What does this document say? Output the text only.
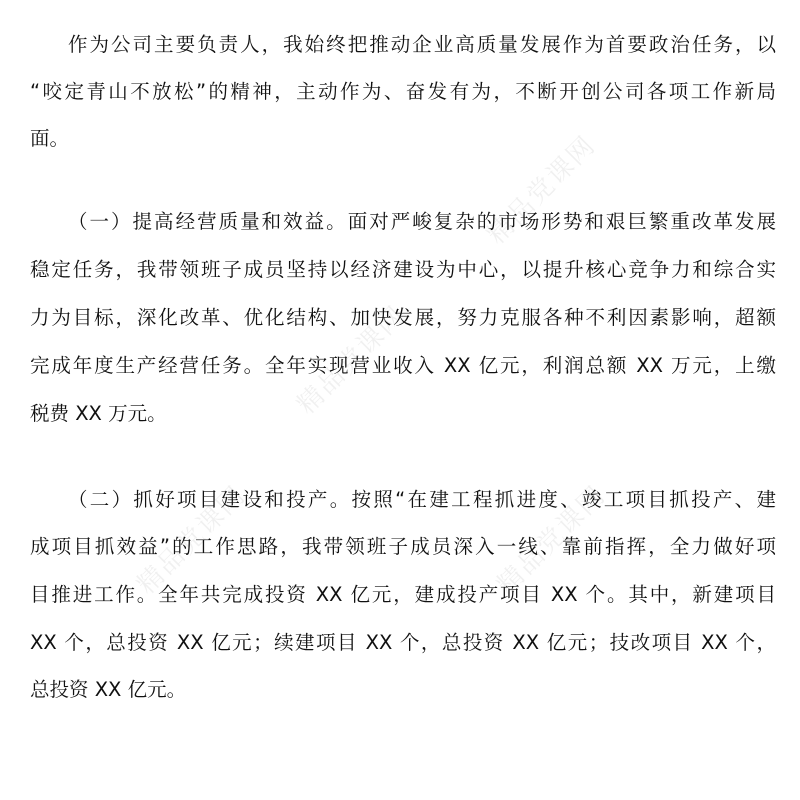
精品党课网
精品党课网
精品党课网	精品党课网
作为公司主要负责人，我始终把推动企业高质量发展作为首要政治任务，以
“咬定青山不放松”的精神，主动作为、奋发有为，不断开创公司各项工作新局
面。
（一）提高经营质量和效益。面对严峻复杂的市场形势和艰巨繁重改革发展
稳定任务，我带领班子成员坚持以经济建设为中心，以提升核心竞争力和综合实
力为目标，深化改革、优化结构、加快发展，努力克服各种不利因素影响，超额
完成年度生产经营任务。全年实现营业收入 XX 亿元，利润总额 XX 万元，上缴
税费 XX 万元。
（二）抓好项目建设和投产。按照“在建工程抓进度、竣工项目抓投产、建
成项目抓效益”的工作思路，我带领班子成员深入一线、靠前指挥，全力做好项
目推进工作。全年共完成投资 XX 亿元，建成投产项目 XX 个。其中，新建项目
XX 个，总投资 XX 亿元；续建项目 XX 个，总投资 XX 亿元；技改项目 XX 个，
总投资 XX 亿元。
